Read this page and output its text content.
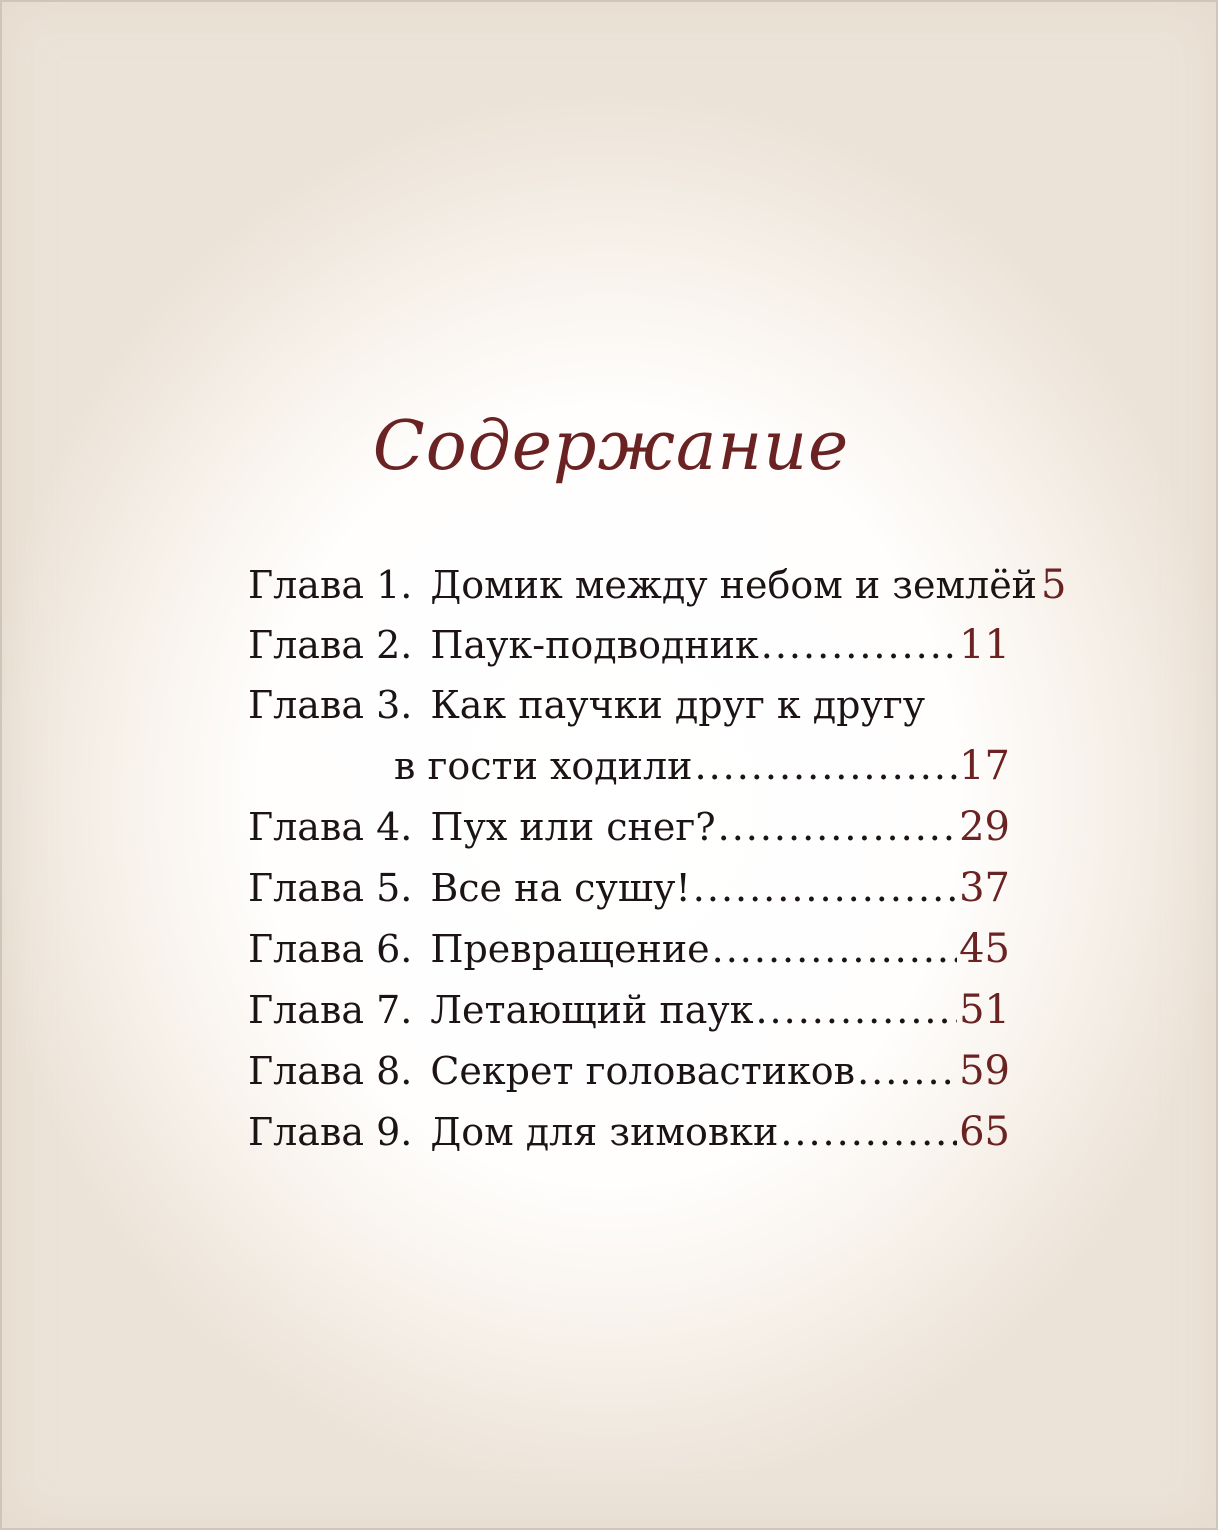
Содержание
Глава 1. Домик между небом и землёй 5
Глава 2. Паук-подводник .....	11
Глава 3. Как паучки друг к другу
в гости ходили .....	17
Глава 4. Пух или снег? .....	29
Глава 5. Все на сушу! .....	37
Глава 6. Превращение .....	45
Глава 7. Летающий паук .....	51
Глава 8. Секрет головастиков .....	59
Глава 9. Дом для зимовки .....	65
